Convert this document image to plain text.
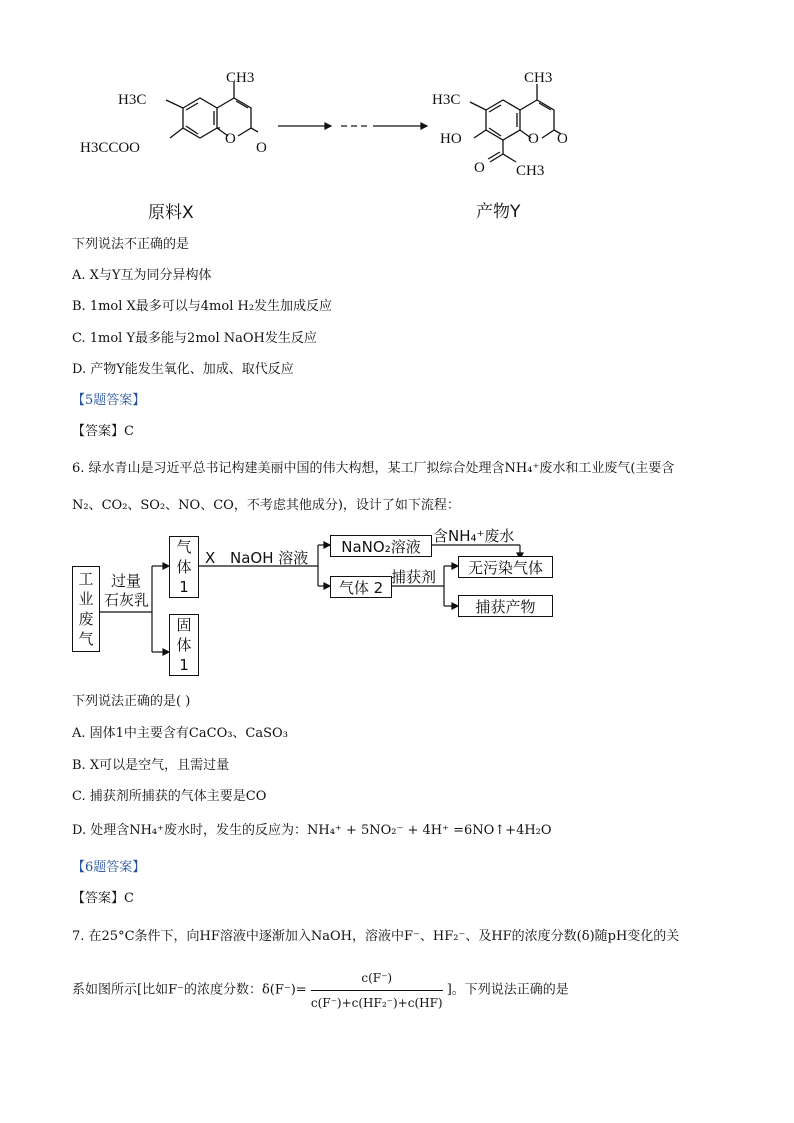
CH3
H3C
H3CCOO
O
O
原料X
CH3
H3C
HO	O O
O CH3
产物Y
下列说法不正确的是
A. X与Y互为同分异构体
B. 1mol X最多可以与4mol H₂发生加成反应
C. 1mol Y最多能与2mol NaOH发生反应
D. 产物Y能发生氧化、加成、取代反应
【5题答案】
【答案】C
6. 绿水青山是习近平总书记构建美丽中国的伟大构想，某工厂拟综合处理含NH₄⁺废水和工业废气(主要含
N₂、CO₂、SO₂、NO、CO，不考虑其他成分)，设计了如下流程：
工
业
废
气
过量
石灰乳
气
体
1
固
体
1
X NaOH 溶液
NaNO₂溶液
含NH₄⁺废水
无污染气体
气体 2
捕获剂
捕获产物
下列说法正确的是( )
A. 固体1中主要含有CaCO₃、CaSO₃
B. X可以是空气，且需过量
C. 捕获剂所捕获的气体主要是CO
D. 处理含NH₄⁺废水时，发生的反应为：NH₄⁺ + 5NO₂⁻ + 4H⁺ =6NO↑+4H₂O
【6题答案】
【答案】C
7. 在25°C条件下，向HF溶液中逐渐加入NaOH，溶液中F⁻、HF₂⁻、及HF的浓度分数(δ)随pH变化的关
系如图所示[比如F⁻的浓度分数：$\delta(F^-)= \frac{c(F^-)}{\text{c(F⁻)+c(HF₂⁻)+c(HF)}}$ ]。下列说法正确的是
